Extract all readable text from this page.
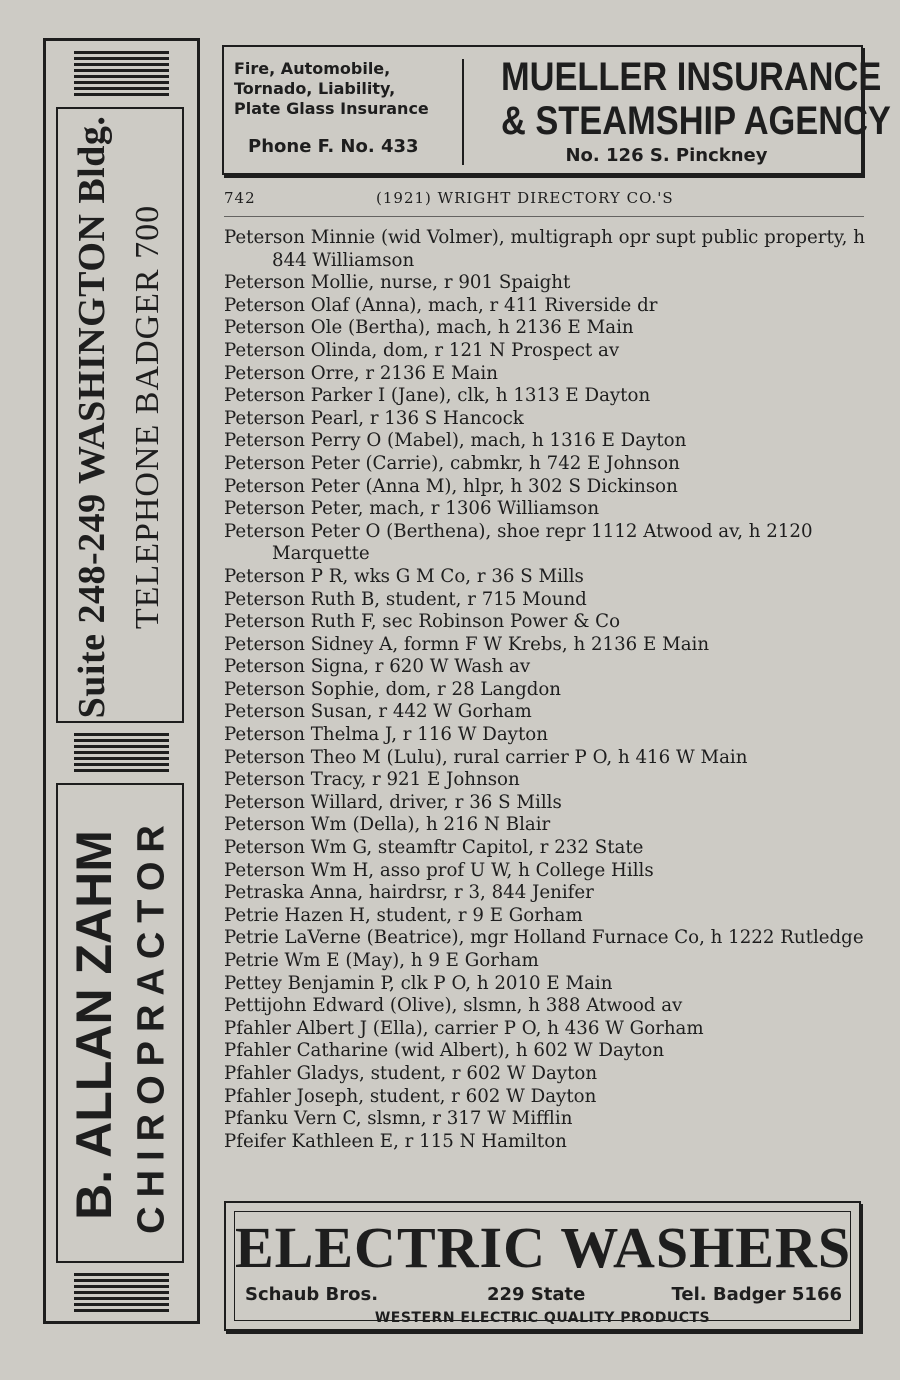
Suite 248-249 WASHINGTON Bldg. TELEPHONE BADGER 700
B. ALLAN ZAHM CHIROPRACTOR
Fire, Automobile,
Tornado, Liability,
Plate Glass Insurance
Phone F. No. 433
MUELLER INSURANCE
& STEAMSHIP AGENCY
No. 126 S. Pinckney
742	(1921) WRIGHT DIRECTORY CO.'S
Peterson Minnie (wid Volmer), multigraph opr supt public property, h 844 Williamson
Peterson Mollie, nurse, r 901 Spaight
Peterson Olaf (Anna), mach, r 411 Riverside dr
Peterson Ole (Bertha), mach, h 2136 E Main
Peterson Olinda, dom, r 121 N Prospect av
Peterson Orre, r 2136 E Main
Peterson Parker I (Jane), clk, h 1313 E Dayton
Peterson Pearl, r 136 S Hancock
Peterson Perry O (Mabel), mach, h 1316 E Dayton
Peterson Peter (Carrie), cabmkr, h 742 E Johnson
Peterson Peter (Anna M), hlpr, h 302 S Dickinson
Peterson Peter, mach, r 1306 Williamson
Peterson Peter O (Berthena), shoe repr 1112 Atwood av, h 2120 Marquette
Peterson P R, wks G M Co, r 36 S Mills
Peterson Ruth B, student, r 715 Mound
Peterson Ruth F, sec Robinson Power & Co
Peterson Sidney A, formn F W Krebs, h 2136 E Main
Peterson Signa, r 620 W Wash av
Peterson Sophie, dom, r 28 Langdon
Peterson Susan, r 442 W Gorham
Peterson Thelma J, r 116 W Dayton
Peterson Theo M (Lulu), rural carrier P O, h 416 W Main
Peterson Tracy, r 921 E Johnson
Peterson Willard, driver, r 36 S Mills
Peterson Wm (Della), h 216 N Blair
Peterson Wm G, steamftr Capitol, r 232 State
Peterson Wm H, asso prof U W, h College Hills
Petraska Anna, hairdrsr, r 3, 844 Jenifer
Petrie Hazen H, student, r 9 E Gorham
Petrie LaVerne (Beatrice), mgr Holland Furnace Co, h 1222 Rutledge
Petrie Wm E (May), h 9 E Gorham
Pettey Benjamin P, clk P O, h 2010 E Main
Pettijohn Edward (Olive), slsmn, h 388 Atwood av
Pfahler Albert J (Ella), carrier P O, h 436 W Gorham
Pfahler Catharine (wid Albert), h 602 W Dayton
Pfahler Gladys, student, r 602 W Dayton
Pfahler Joseph, student, r 602 W Dayton
Pfanku Vern C, slsmn, r 317 W Mifflin
Pfeifer Kathleen E, r 115 N Hamilton
ELECTRIC WASHERS
Schaub Bros.	229 State	Tel. Badger 5166
WESTERN ELECTRIC QUALITY PRODUCTS
